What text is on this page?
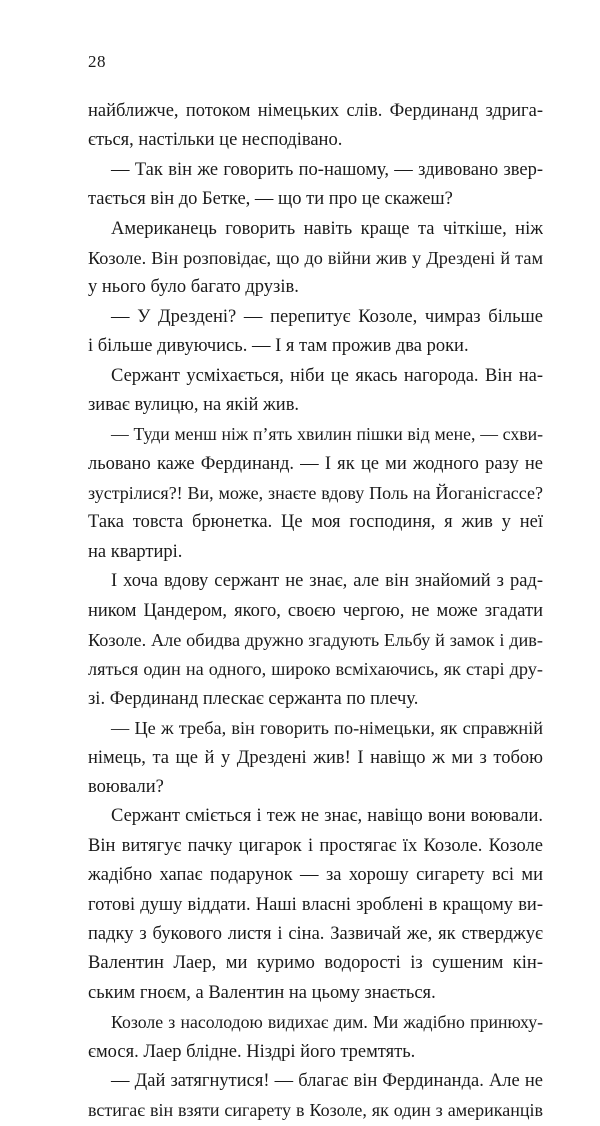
28
найближче, потоком німецьких слів. Фердинанд здрига-
ється, настільки це несподівано.
— Так він же говорить по-нашому, — здивовано звер-
тається він до Бетке, — що ти про це скажеш?
Американець говорить навіть краще та чіткіше, ніж
Козоле. Він розповідає, що до війни жив у Дрездені й там
у нього було багато друзів.
— У Дрездені? — перепитує Козоле, чимраз більше
і більше дивуючись. — І я там прожив два роки.
Сержант усміхається, ніби це якась нагорода. Він на-
зиває вулицю, на якій жив.
— Туди менш ніж п’ять хвилин пішки від мене, — схви-
льовано каже Фердинанд. — І як це ми жодного разу не
зустрілися?! Ви, може, знаєте вдову Поль на Йоганісгассе?
Така товста брюнетка. Це моя господиня, я жив у неї
на квартирі.
І хоча вдову сержант не знає, але він знайомий з рад-
ником Цандером, якого, своєю чергою, не може згадати
Козоле. Але обидва дружно згадують Ельбу й замок і див-
ляться один на одного, широко всміхаючись, як старі дру-
зі. Фердинанд плескає сержанта по плечу.
— Це ж треба, він говорить по-німецьки, як справжній
німець, та ще й у Дрездені жив! І навіщо ж ми з тобою
воювали?
Сержант сміється і теж не знає, навіщо вони воювали.
Він витягує пачку цигарок і простягає їх Козоле. Козоле
жадібно хапає подарунок — за хорошу сигарету всі ми
готові душу віддати. Наші власні зроблені в кращому ви-
падку з букового листя і сіна. Зазвичай же, як стверджує
Валентин Лаер, ми куримо водорості із сушеним кін-
ським гноєм, а Валентин на цьому знається.
Козоле з насолодою видихає дим. Ми жадібно принюху-
ємося. Лаер блідне. Ніздрі його тремтять.
— Дай затягнутися! — благає він Фердинанда. Але не
встигає він взяти сигарету в Козоле, як один з американців
